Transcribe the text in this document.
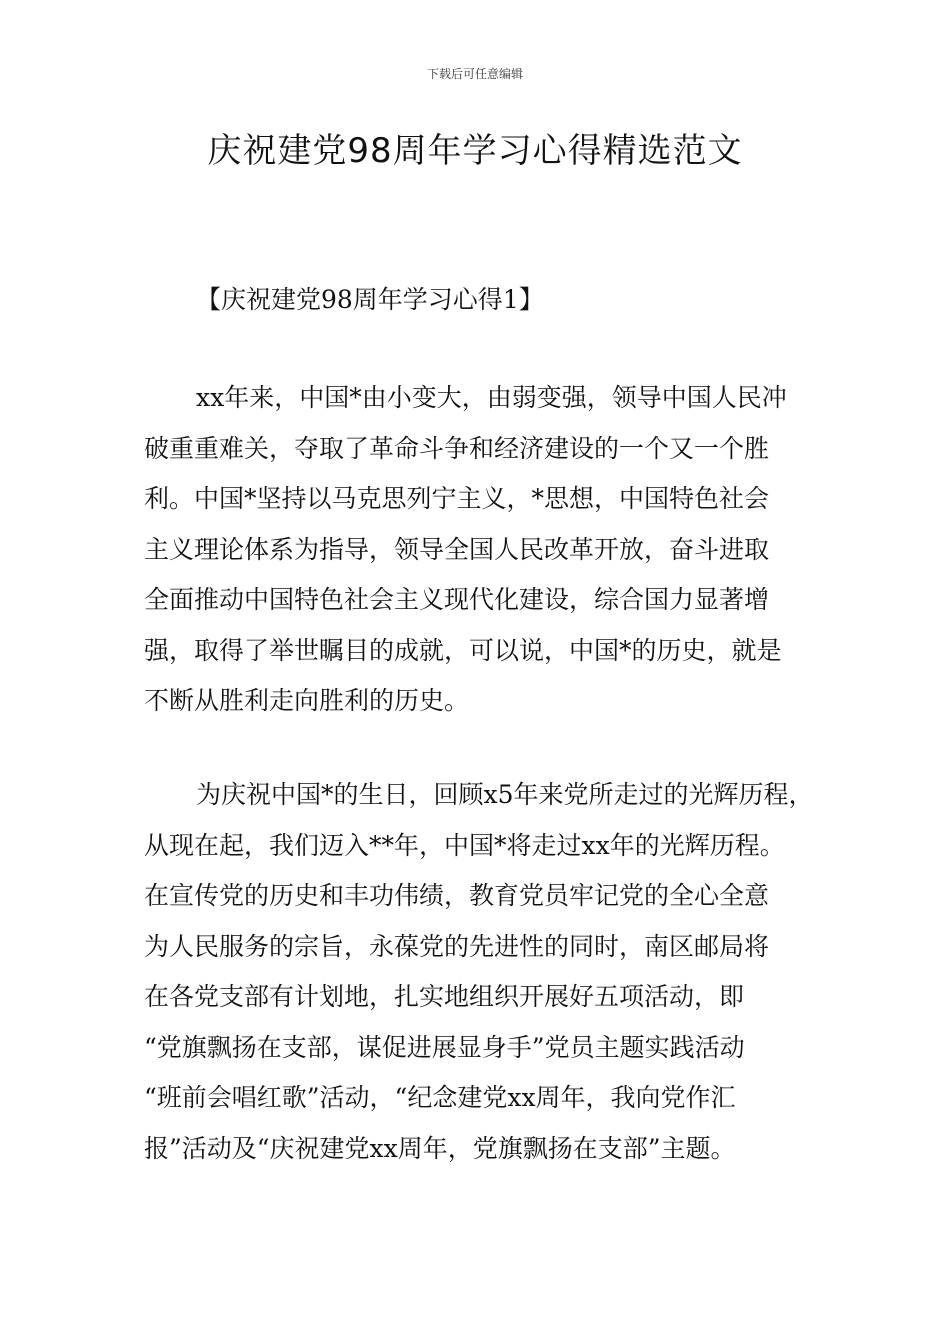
下载后可任意编辑
庆祝建党98周年学习心得精选范文
【庆祝建党98周年学习心得1】

xx年来，中国*由小变大，由弱变强，领导中国人民冲
破重重难关，夺取了革命斗争和经济建设的一个又一个胜
利。中国*坚持以马克思列宁主义，*思想，中国特色社会
主义理论体系为指导，领导全国人民改革开放，奋斗进取
全面推动中国特色社会主义现代化建设，综合国力显著增
强，取得了举世瞩目的成就，可以说，中国*的历史，就是
不断从胜利走向胜利的历史。

为庆祝中国*的生日，回顾x5年来党所走过的光辉历程，
从现在起，我们迈入**年，中国*将走过xx年的光辉历程。
在宣传党的历史和丰功伟绩，教育党员牢记党的全心全意
为人民服务的宗旨，永葆党的先进性的同时，南区邮局将
在各党支部有计划地，扎实地组织开展好五项活动，即
“党旗飘扬在支部，谋促进展显身手”党员主题实践活动
“班前会唱红歌”活动，“纪念建党xx周年，我向党作汇
报”活动及“庆祝建党xx周年，党旗飘扬在支部”主题。
